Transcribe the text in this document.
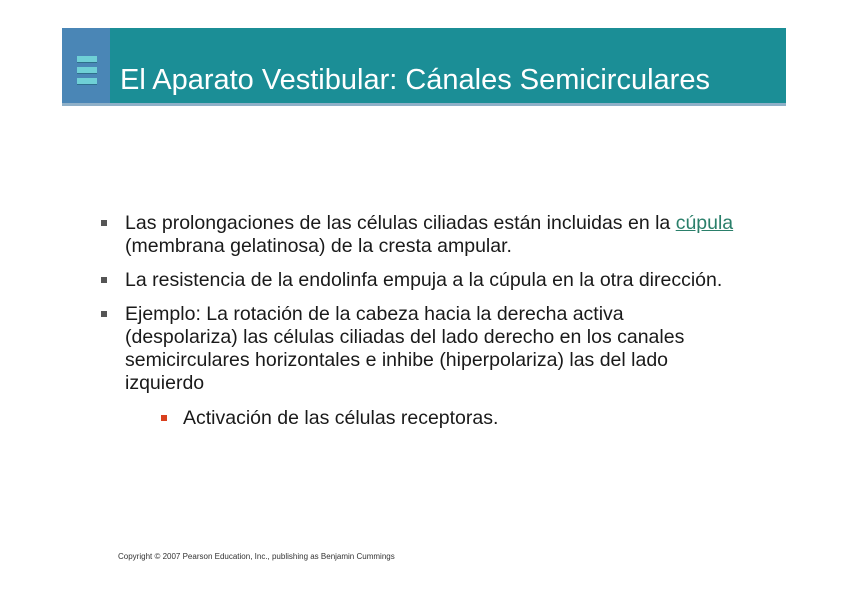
El Aparato Vestibular: Cánales Semicirculares
Las prolongaciones de las células ciliadas están incluidas en la cúpula (membrana gelatinosa) de la cresta ampular.
La resistencia de la endolinfa empuja a la cúpula en la otra dirección.
Ejemplo: La rotación de la cabeza hacia la derecha activa (despolariza) las células ciliadas del lado derecho en los canales semicirculares horizontales e inhibe (hiperpolariza) las del lado izquierdo
Activación de las células receptoras.
Copyright © 2007 Pearson Education, Inc., publishing as Benjamin Cummings
